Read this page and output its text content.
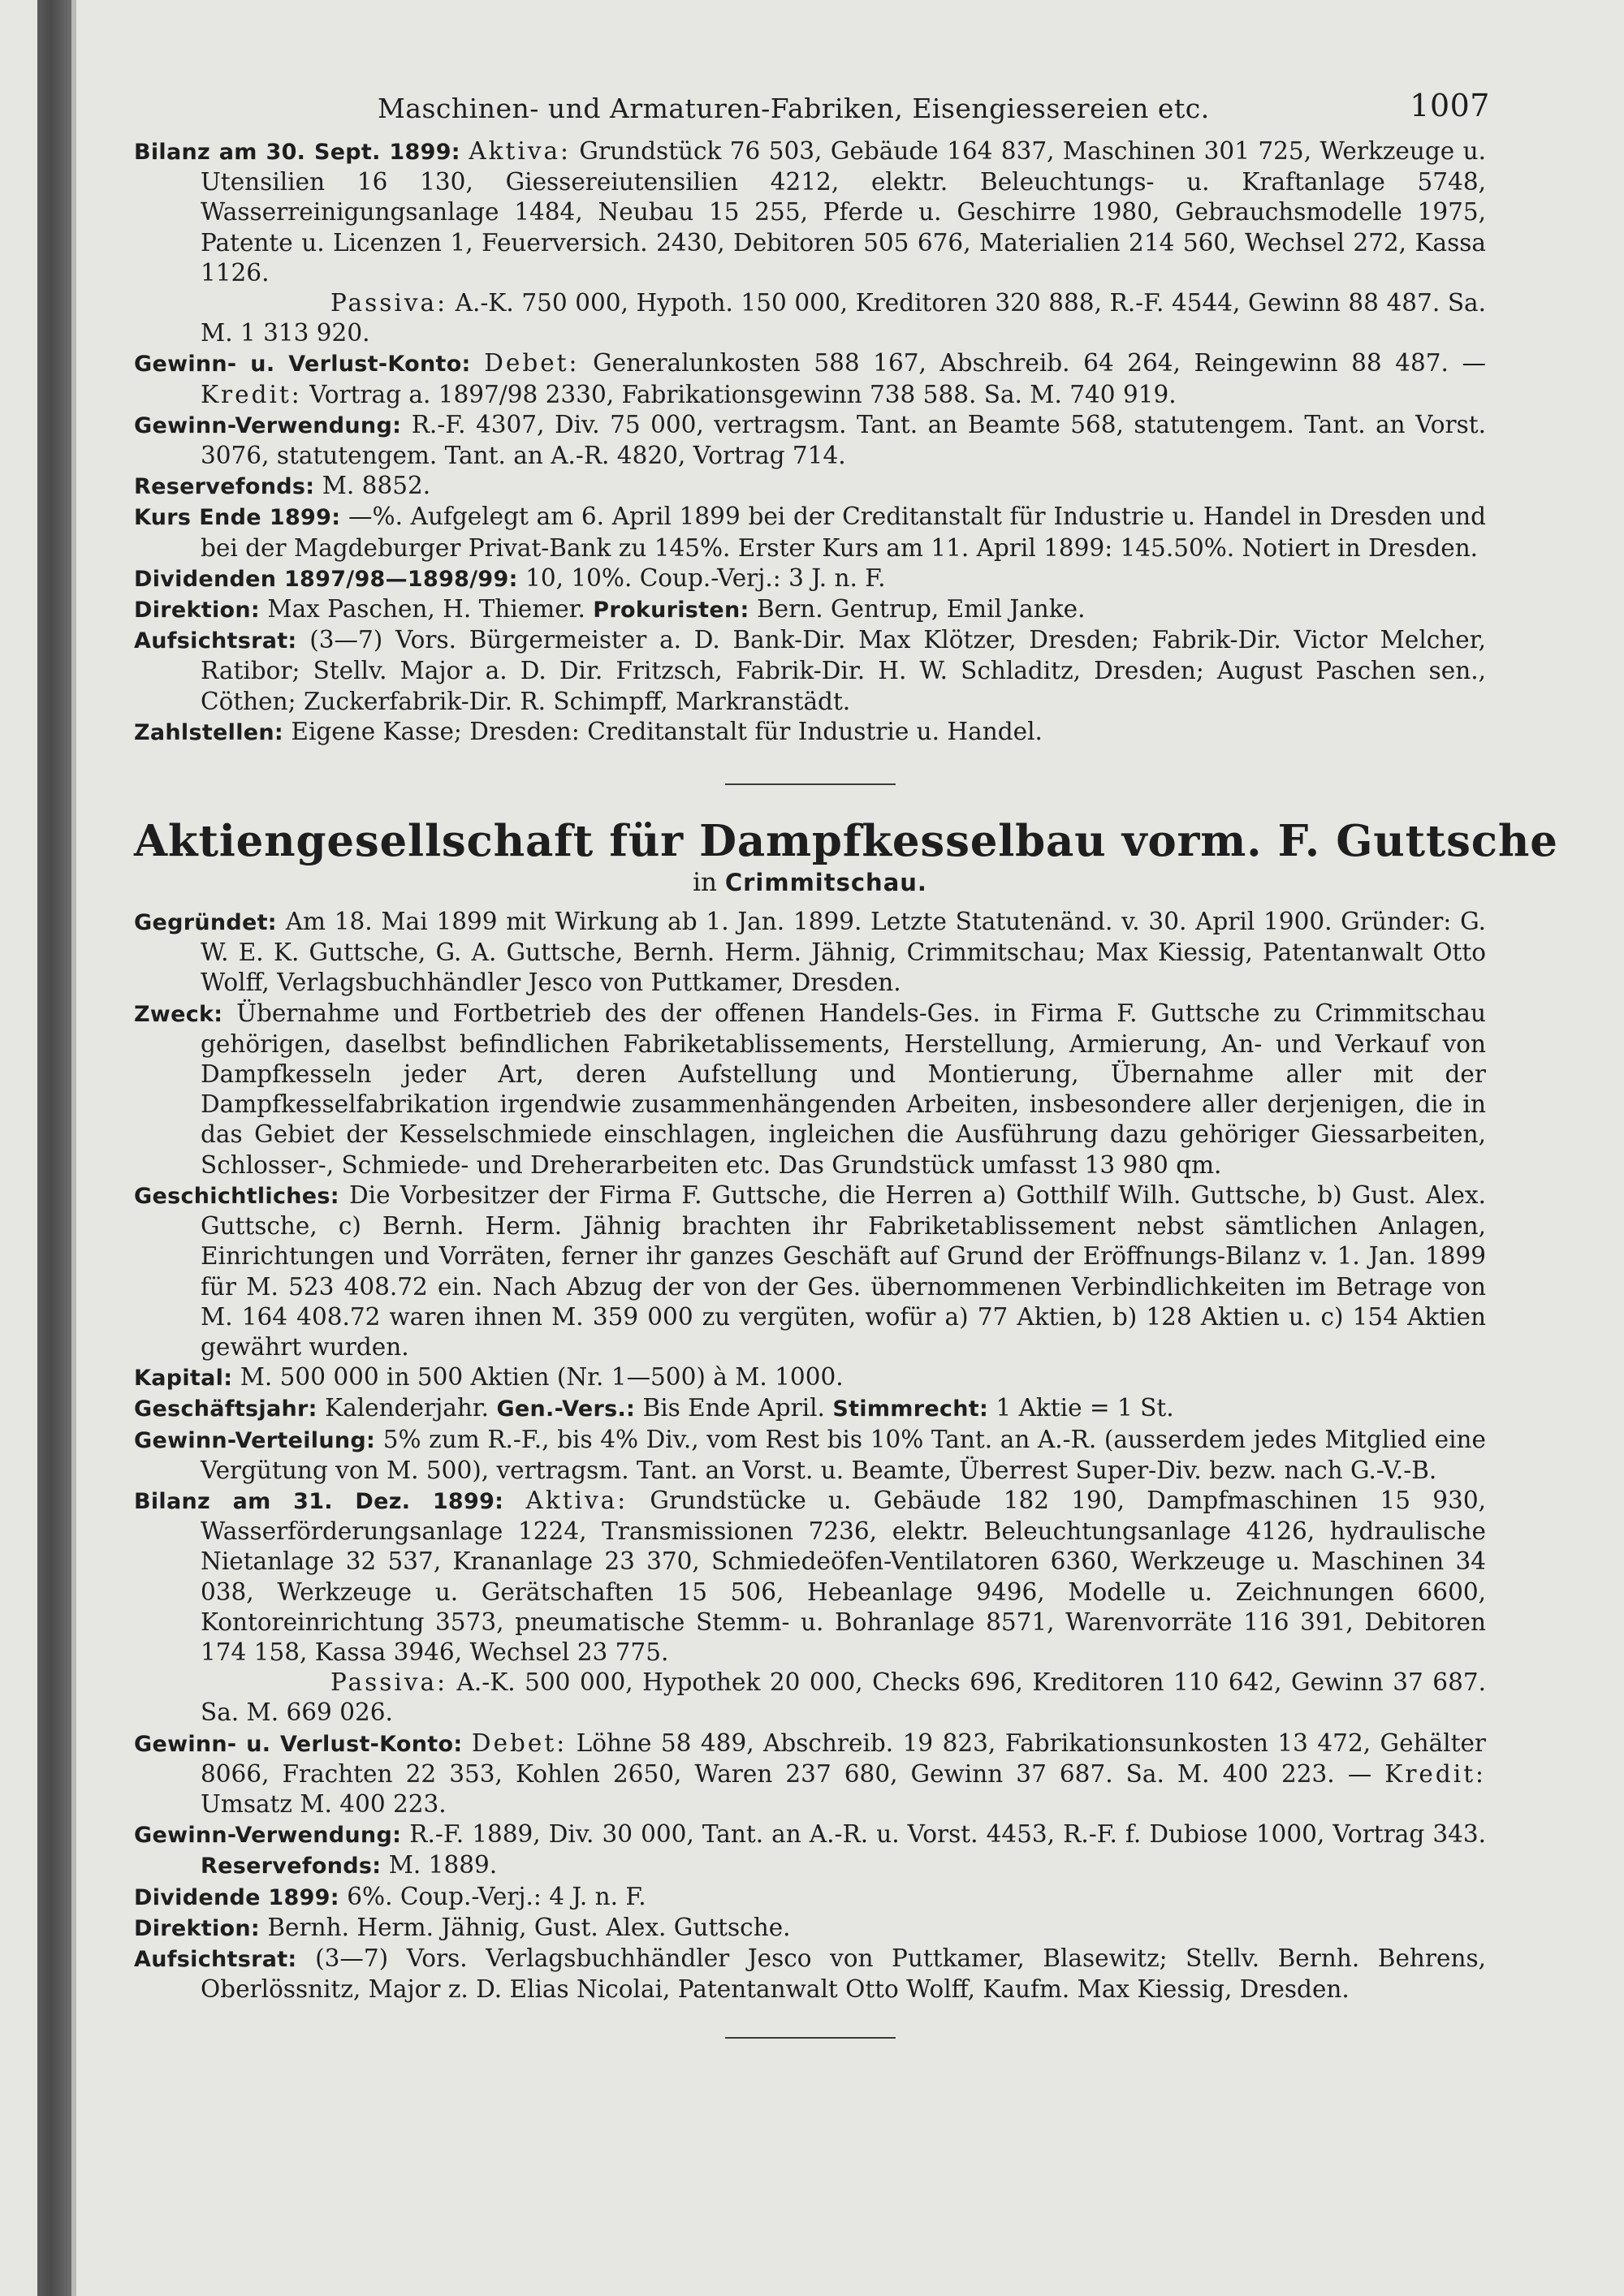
Maschinen- und Armaturen-Fabriken, Eisengiessereien etc.	1007

Bilanz am 30. Sept. 1899: Aktiva: Grundstück 76 503, Gebäude 164 837, Maschinen 301 725, Werkzeuge u. Utensilien 16 130, Giessereiutensilien 4212, elektr. Beleuchtungs- u. Kraftanlage 5748, Wasserreinigungsanlage 1484, Neubau 15 255, Pferde u. Geschirre 1980, Gebrauchsmodelle 1975, Patente u. Licenzen 1, Feuerversich. 2430, Debitoren 505 676, Materialien 214 560, Wechsel 272, Kassa 1126.

Passiva: A.-K. 750 000, Hypoth. 150 000, Kreditoren 320 888, R.-F. 4544, Gewinn 88 487. Sa. M. 1 313 920.

Gewinn- u. Verlust-Konto: Debet: Generalunkosten 588 167, Abschreib. 64 264, Reingewinn 88 487. — Kredit: Vortrag a. 1897/98 2330, Fabrikationsgewinn 738 588. Sa. M. 740 919.

Gewinn-Verwendung: R.-F. 4307, Div. 75 000, vertragsm. Tant. an Beamte 568, statutengem. Tant. an Vorst. 3076, statutengem. Tant. an A.-R. 4820, Vortrag 714.

Reservefonds: M. 8852.

Kurs Ende 1899: —%. Aufgelegt am 6. April 1899 bei der Creditanstalt für Industrie u. Handel in Dresden und bei der Magdeburger Privat-Bank zu 145%. Erster Kurs am 11. April 1899: 145.50%. Notiert in Dresden.

Dividenden 1897/98—1898/99: 10, 10%. Coup.-Verj.: 3 J. n. F.

Direktion: Max Paschen, H. Thiemer. Prokuristen: Bern. Gentrup, Emil Janke.

Aufsichtsrat: (3—7) Vors. Bürgermeister a. D. Bank-Dir. Max Klötzer, Dresden; Fabrik-Dir. Victor Melcher, Ratibor; Stellv. Major a. D. Dir. Fritzsch, Fabrik-Dir. H. W. Schladitz, Dresden; August Paschen sen., Cöthen; Zuckerfabrik-Dir. R. Schimpff, Markranstädt.

Zahlstellen: Eigene Kasse; Dresden: Creditanstalt für Industrie u. Handel.

Aktiengesellschaft für Dampfkesselbau vorm. F. Guttsche
in Crimmitschau.

Gegründet: Am 18. Mai 1899 mit Wirkung ab 1. Jan. 1899. Letzte Statutenänd. v. 30. April 1900. Gründer: G. W. E. K. Guttsche, G. A. Guttsche, Bernh. Herm. Jähnig, Crimmitschau; Max Kiessig, Patentanwalt Otto Wolff, Verlagsbuchhändler Jesco von Puttkamer, Dresden.

Zweck: Übernahme und Fortbetrieb des der offenen Handels-Ges. in Firma F. Guttsche zu Crimmitschau gehörigen, daselbst befindlichen Fabriketablissements, Herstellung, Armierung, An- und Verkauf von Dampfkesseln jeder Art, deren Aufstellung und Montierung, Übernahme aller mit der Dampfkesselfabrikation irgendwie zusammenhängenden Arbeiten, insbesondere aller derjenigen, die in das Gebiet der Kesselschmiede einschlagen, ingleichen die Ausführung dazu gehöriger Giessarbeiten, Schlosser-, Schmiede- und Dreherarbeiten etc. Das Grundstück umfasst 13 980 qm.

Geschichtliches: Die Vorbesitzer der Firma F. Guttsche, die Herren a) Gotthilf Wilh. Guttsche, b) Gust. Alex. Guttsche, c) Bernh. Herm. Jähnig brachten ihr Fabriketablissement nebst sämtlichen Anlagen, Einrichtungen und Vorräten, ferner ihr ganzes Geschäft auf Grund der Eröffnungs-Bilanz v. 1. Jan. 1899 für M. 523 408.72 ein. Nach Abzug der von der Ges. übernommenen Verbindlichkeiten im Betrage von M. 164 408.72 waren ihnen M. 359 000 zu vergüten, wofür a) 77 Aktien, b) 128 Aktien u. c) 154 Aktien gewährt wurden.

Kapital: M. 500 000 in 500 Aktien (Nr. 1—500) à M. 1000.

Geschäftsjahr: Kalenderjahr. Gen.-Vers.: Bis Ende April. Stimmrecht: 1 Aktie = 1 St.

Gewinn-Verteilung: 5% zum R.-F., bis 4% Div., vom Rest bis 10% Tant. an A.-R. (ausserdem jedes Mitglied eine Vergütung von M. 500), vertragsm. Tant. an Vorst. u. Beamte, Überrest Super-Div. bezw. nach G.-V.-B.

Bilanz am 31. Dez. 1899: Aktiva: Grundstücke u. Gebäude 182 190, Dampfmaschinen 15 930, Wasserförderungsanlage 1224, Transmissionen 7236, elektr. Beleuchtungsanlage 4126, hydraulische Nietanlage 32 537, Krananlage 23 370, Schmiedeöfen-Ventilatoren 6360, Werkzeuge u. Maschinen 34 038, Werkzeuge u. Gerätschaften 15 506, Hebeanlage 9496, Modelle u. Zeichnungen 6600, Kontoreinrichtung 3573, pneumatische Stemm- u. Bohranlage 8571, Warenvorräte 116 391, Debitoren 174 158, Kassa 3946, Wechsel 23 775.

Passiva: A.-K. 500 000, Hypothek 20 000, Checks 696, Kreditoren 110 642, Gewinn 37 687. Sa. M. 669 026.

Gewinn- u. Verlust-Konto: Debet: Löhne 58 489, Abschreib. 19 823, Fabrikationsunkosten 13 472, Gehälter 8066, Frachten 22 353, Kohlen 2650, Waren 237 680, Gewinn 37 687. Sa. M. 400 223. — Kredit: Umsatz M. 400 223.

Gewinn-Verwendung: R.-F. 1889, Div. 30 000, Tant. an A.-R. u. Vorst. 4453, R.-F. f. Dubiose 1000, Vortrag 343. Reservefonds: M. 1889.

Dividende 1899: 6%. Coup.-Verj.: 4 J. n. F.

Direktion: Bernh. Herm. Jähnig, Gust. Alex. Guttsche.

Aufsichtsrat: (3—7) Vors. Verlagsbuchhändler Jesco von Puttkamer, Blasewitz; Stellv. Bernh. Behrens, Oberlössnitz, Major z. D. Elias Nicolai, Patentanwalt Otto Wolff, Kaufm. Max Kiessig, Dresden.
